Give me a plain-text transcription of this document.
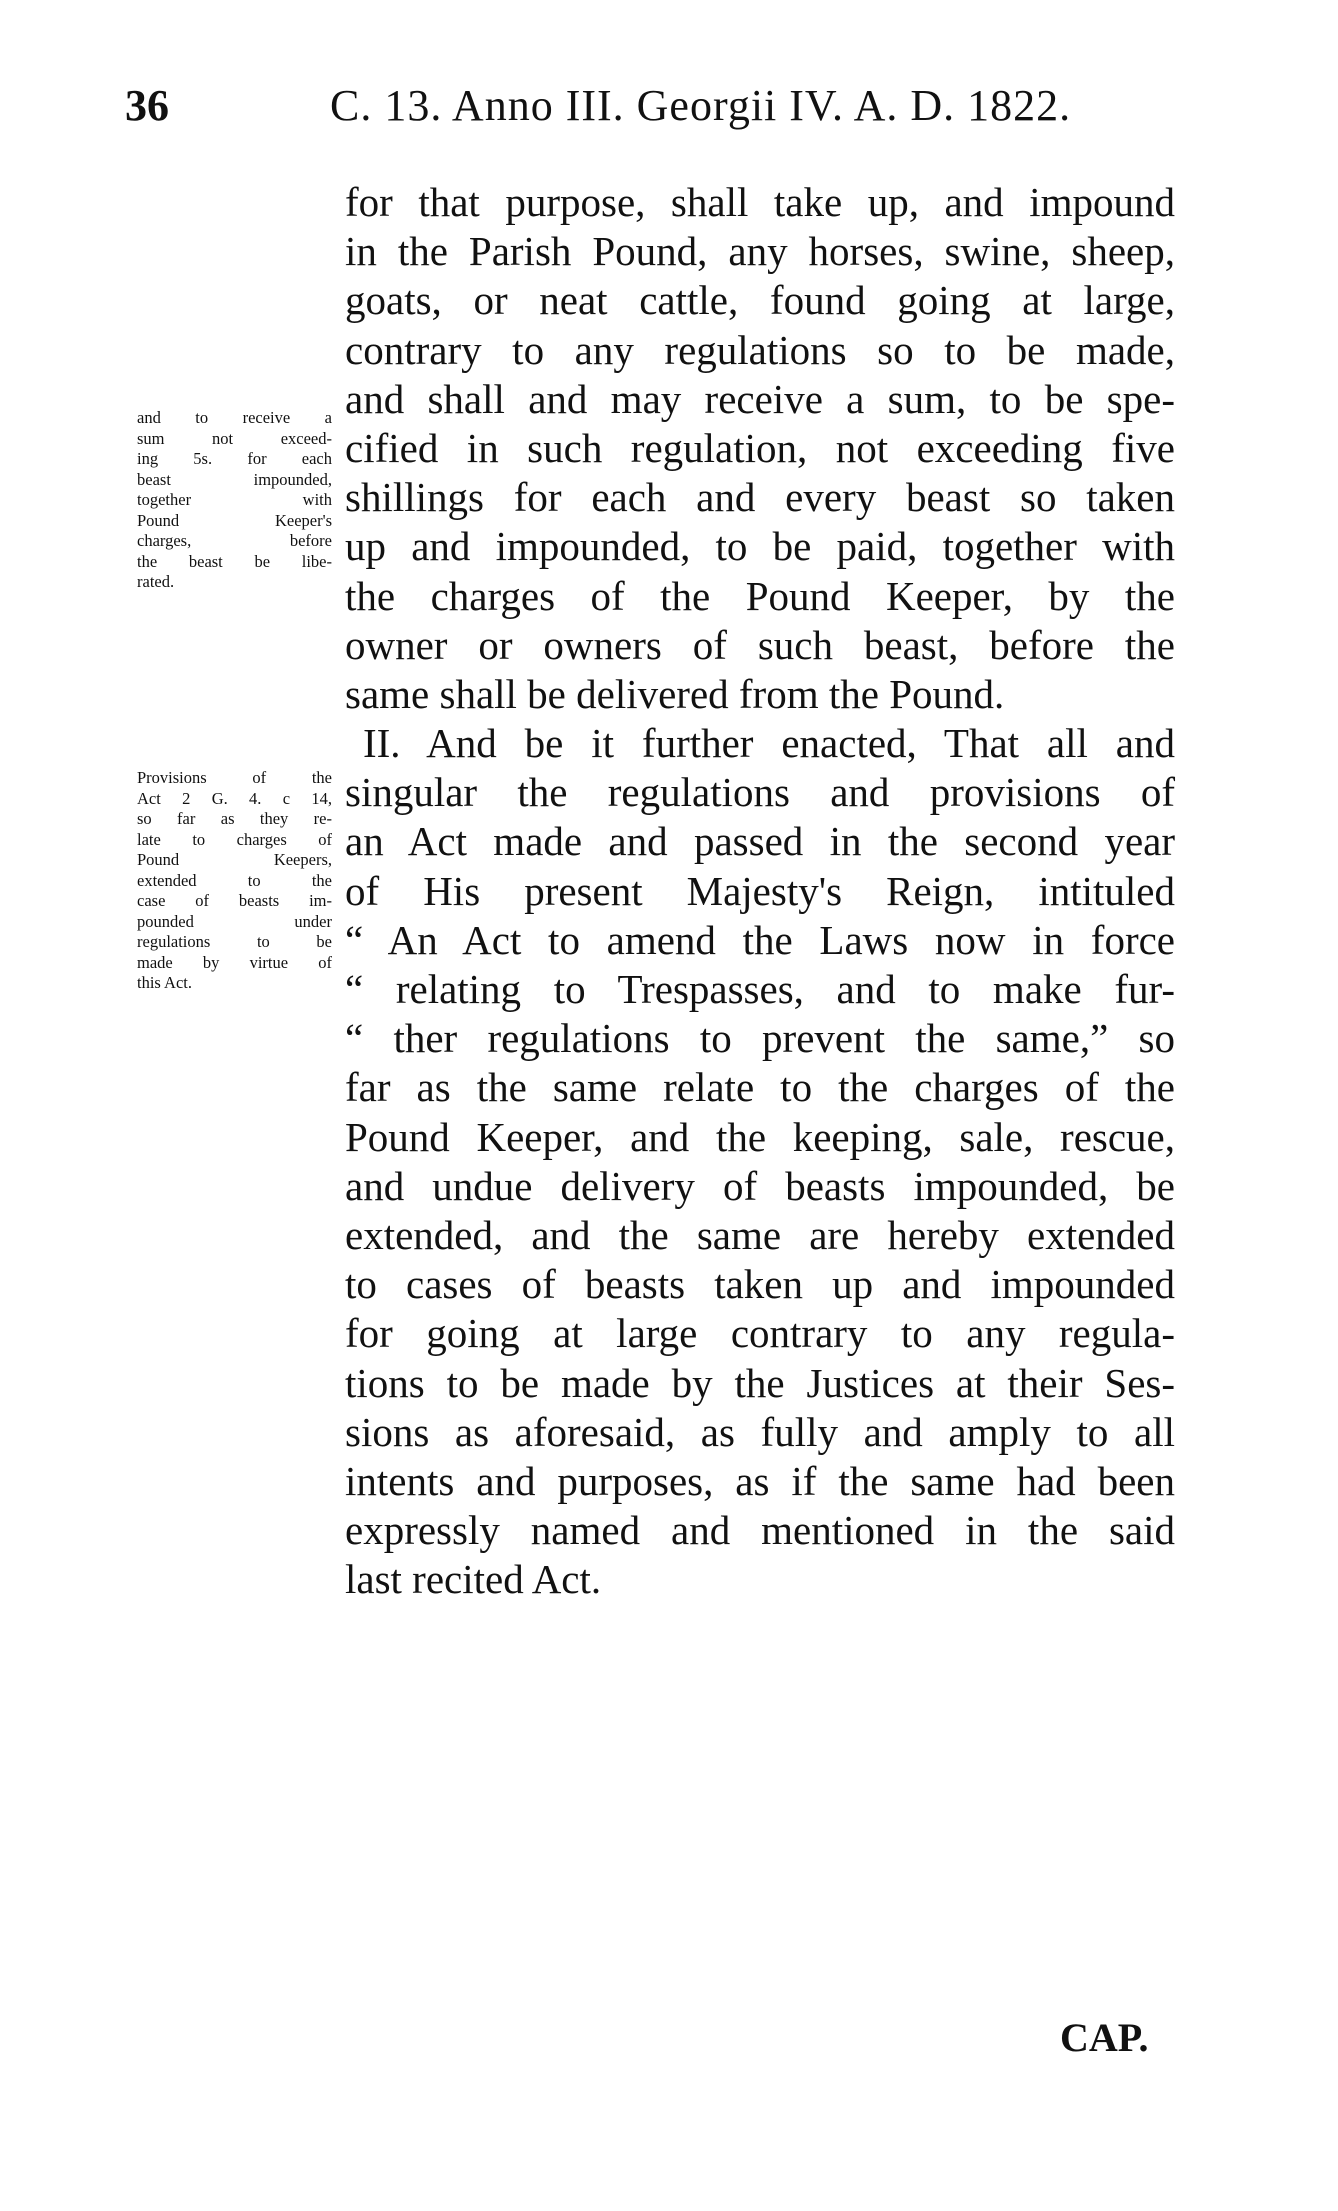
36	C. 13. Anno III. Georgii IV. A. D. 1822.
and to receive a
sum not exceed-
ing 5s. for each
beast impounded,
together with
Pound Keeper's
charges, before
the beast be libe-
rated.
Provisions of the
Act 2 G. 4. c 14,
so far as they re-
late to charges of
Pound Keepers,
extended to the
case of beasts im-
pounded under
regulations to be
made by virtue of
this Act.
for that purpose, shall take up, and impound
in the Parish Pound, any horses, swine, sheep,
goats, or neat cattle, found going at large,
contrary to any regulations so to be made,
and shall and may receive a sum, to be spe-
cified in such regulation, not exceeding five
shillings for each and every beast so taken
up and impounded, to be paid, together with
the charges of the Pound Keeper, by the
owner or owners of such beast, before the
same shall be delivered from the Pound.
II. And be it further enacted, That all and
singular the regulations and provisions of
an Act made and passed in the second year
of His present Majesty's Reign, intituled
“ An Act to amend the Laws now in force
“ relating to Trespasses, and to make fur-
“ ther regulations to prevent the same,” so
far as the same relate to the charges of the
Pound Keeper, and the keeping, sale, rescue,
and undue delivery of beasts impounded, be
extended, and the same are hereby extended
to cases of beasts taken up and impounded
for going at large contrary to any regula-
tions to be made by the Justices at their Ses-
sions as aforesaid, as fully and amply to all
intents and purposes, as if the same had been
expressly named and mentioned in the said
last recited Act.
CAP.
